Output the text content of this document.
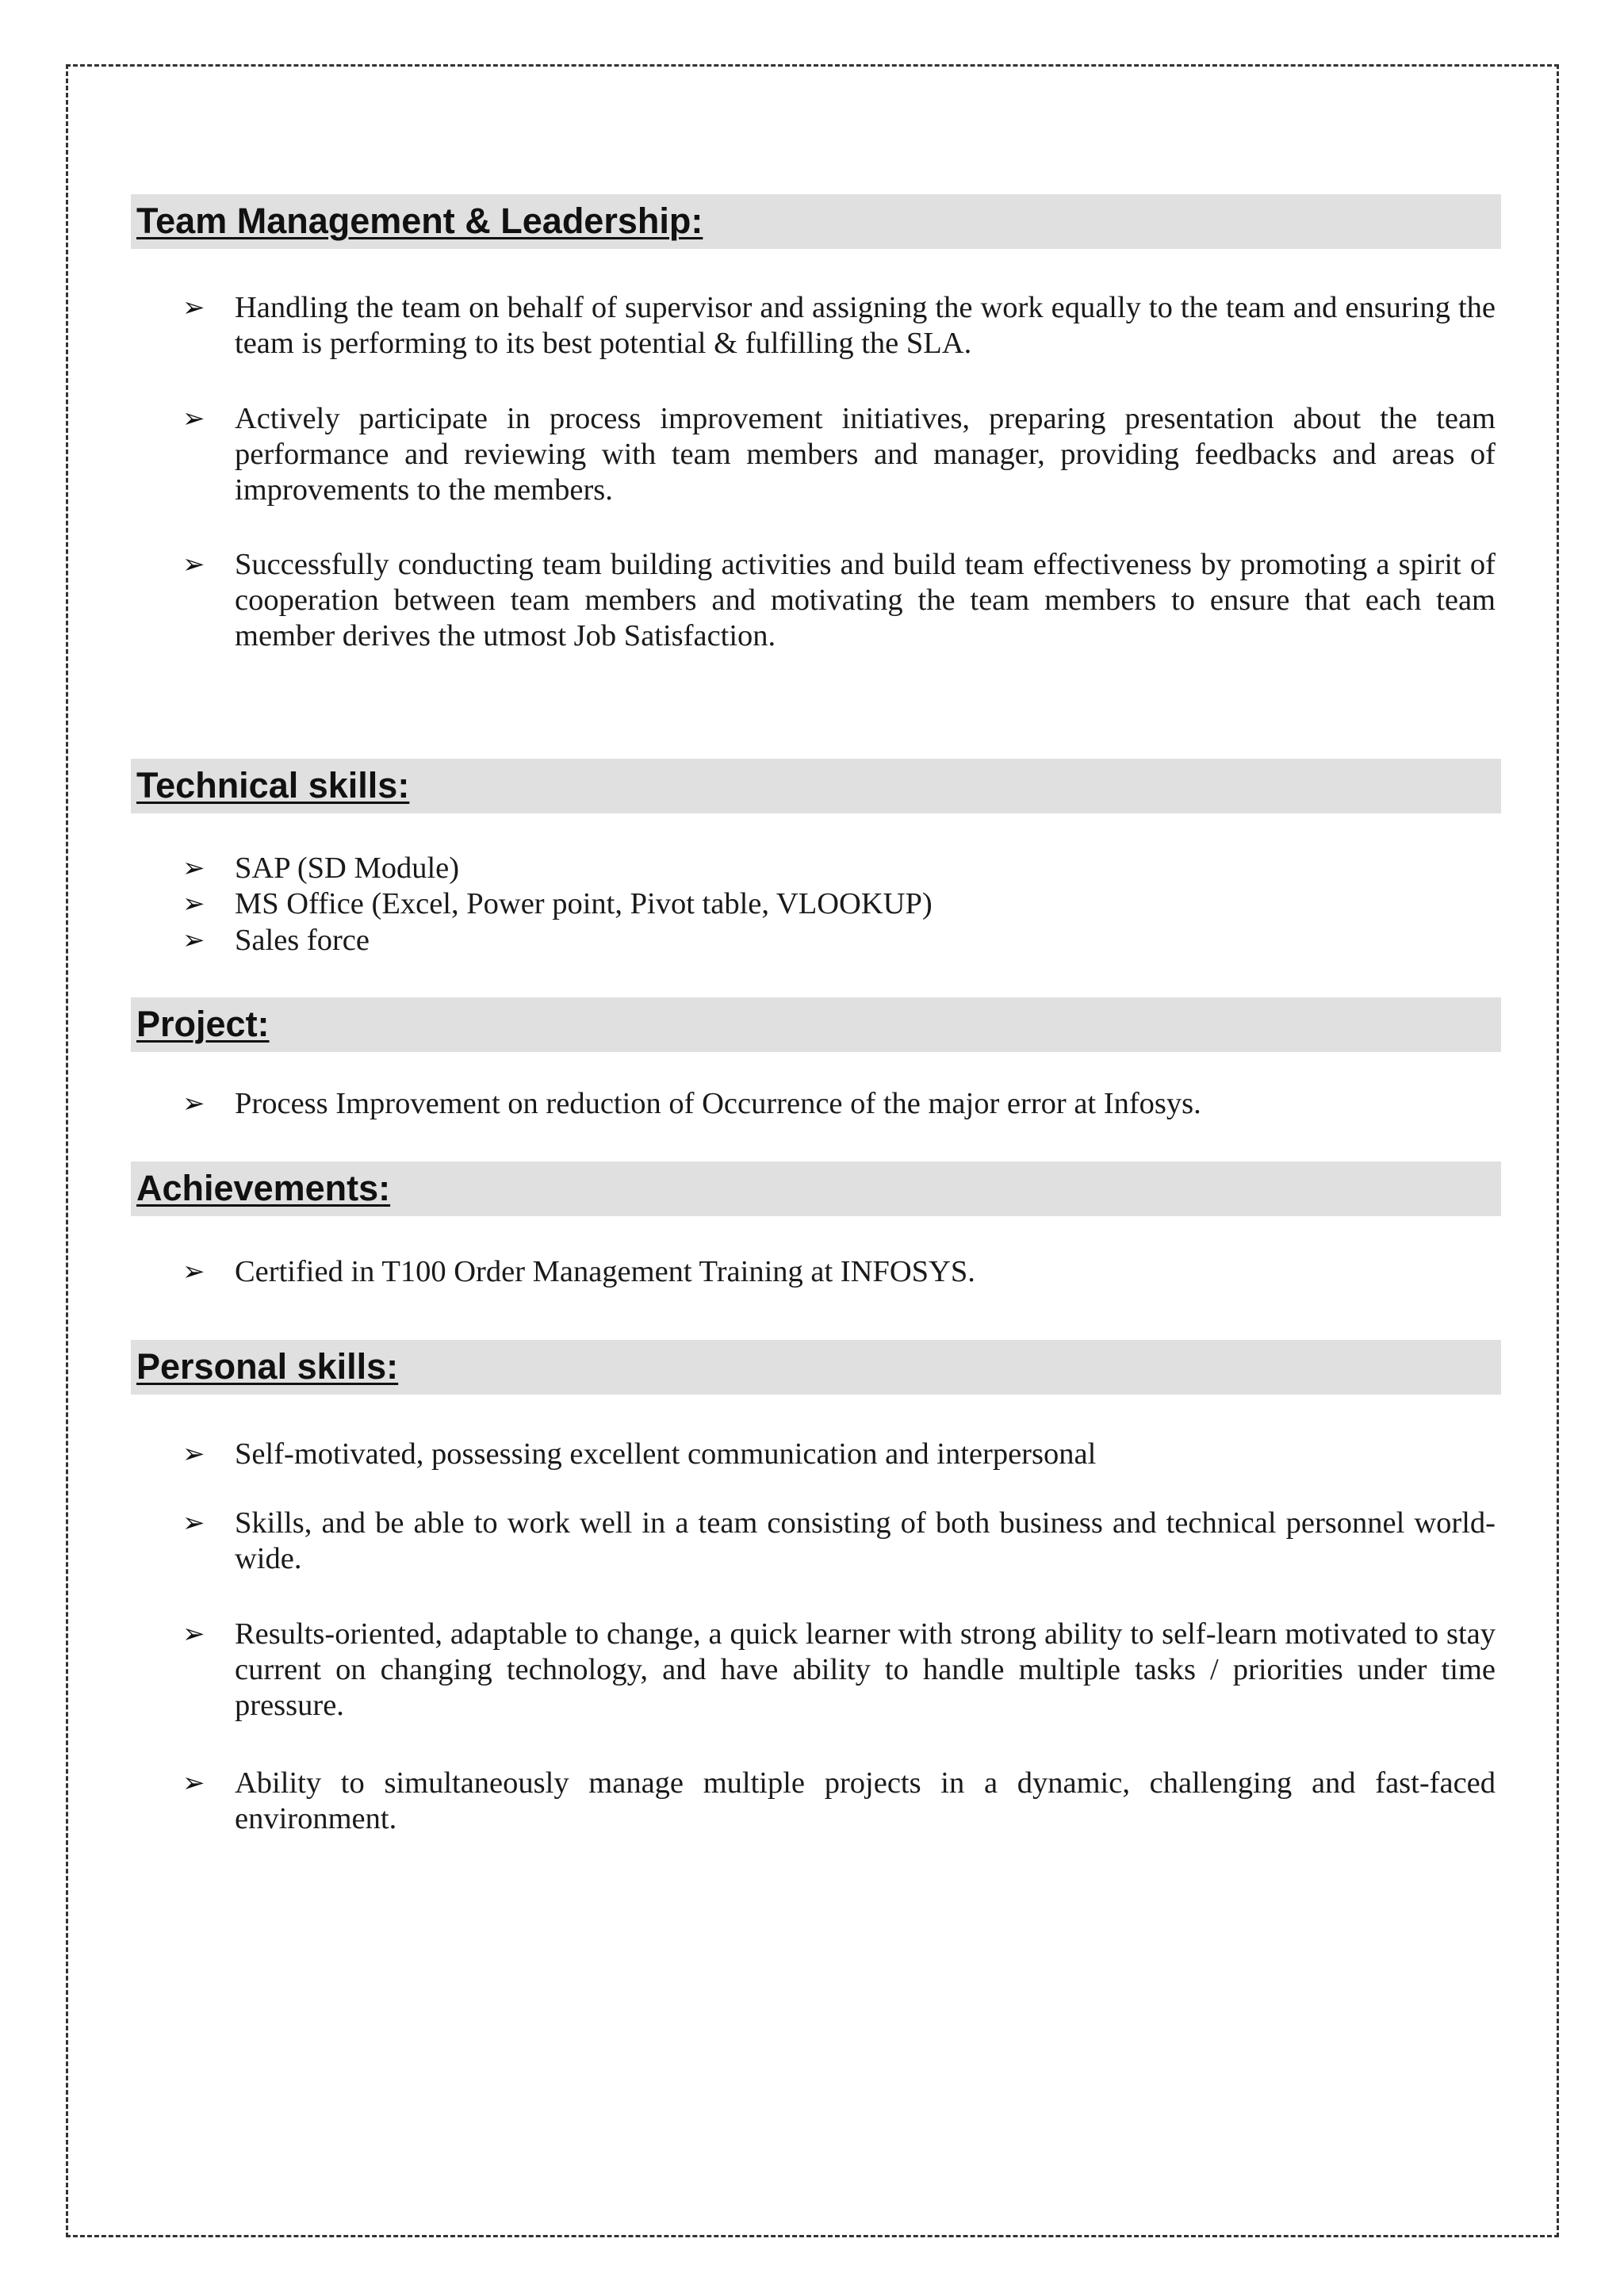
Team Management & Leadership:
➢ Handling the team on behalf of supervisor and assigning the work equally to the team and ensuring the team is performing to its best potential & fulfilling the SLA.
➢ Actively participate in process improvement initiatives, preparing presentation about the team performance and reviewing with team members and manager, providing feedbacks and areas of improvements to the members.
➢ Successfully conducting team building activities and build team effectiveness by promoting a spirit of cooperation between team members and motivating the team members to ensure that each team member derives the utmost Job Satisfaction.
Technical skills:
➢ SAP (SD Module)
➢ MS Office (Excel, Power point, Pivot table, VLOOKUP)
➢ Sales force
Project:
➢ Process Improvement on reduction of Occurrence of the major error at Infosys.
Achievements:
➢ Certified in T100 Order Management Training at INFOSYS.
Personal skills:
➢ Self-motivated, possessing excellent communication and interpersonal
➢ Skills, and be able to work well in a team consisting of both business and technical personnel world-wide.
➢ Results-oriented, adaptable to change, a quick learner with strong ability to self-learn motivated to stay current on changing technology, and have ability to handle multiple tasks / priorities under time pressure.
➢ Ability to simultaneously manage multiple projects in a dynamic, challenging and fast-faced environment.
